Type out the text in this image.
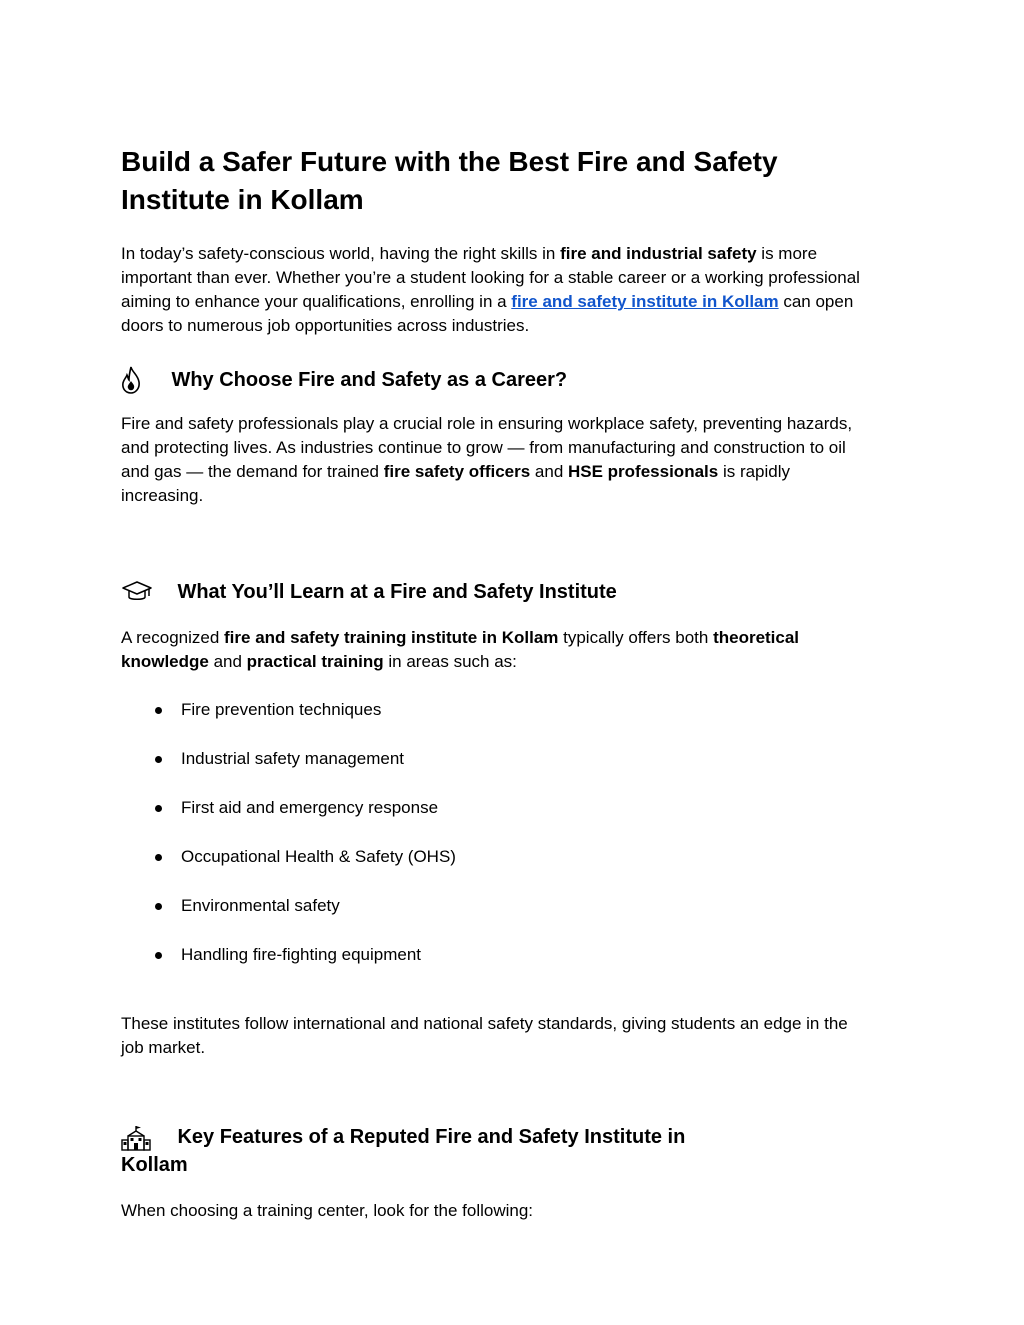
Build a Safer Future with the Best Fire and Safety Institute in Kollam

In today’s safety-conscious world, having the right skills in fire and industrial safety is more important than ever. Whether you’re a student looking for a stable career or a working professional aiming to enhance your qualifications, enrolling in a fire and safety institute in Kollam can open doors to numerous job opportunities across industries.

Why Choose Fire and Safety as a Career?

Fire and safety professionals play a crucial role in ensuring workplace safety, preventing hazards, and protecting lives. As industries continue to grow — from manufacturing and construction to oil and gas — the demand for trained fire safety officers and HSE professionals is rapidly increasing.

What You’ll Learn at a Fire and Safety Institute

A recognized fire and safety training institute in Kollam typically offers both theoretical knowledge and practical training in areas such as:

Fire prevention techniques
Industrial safety management
First aid and emergency response
Occupational Health & Safety (OHS)
Environmental safety
Handling fire-fighting equipment

These institutes follow international and national safety standards, giving students an edge in the job market.

Key Features of a Reputed Fire and Safety Institute in
Kollam

When choosing a training center, look for the following:
